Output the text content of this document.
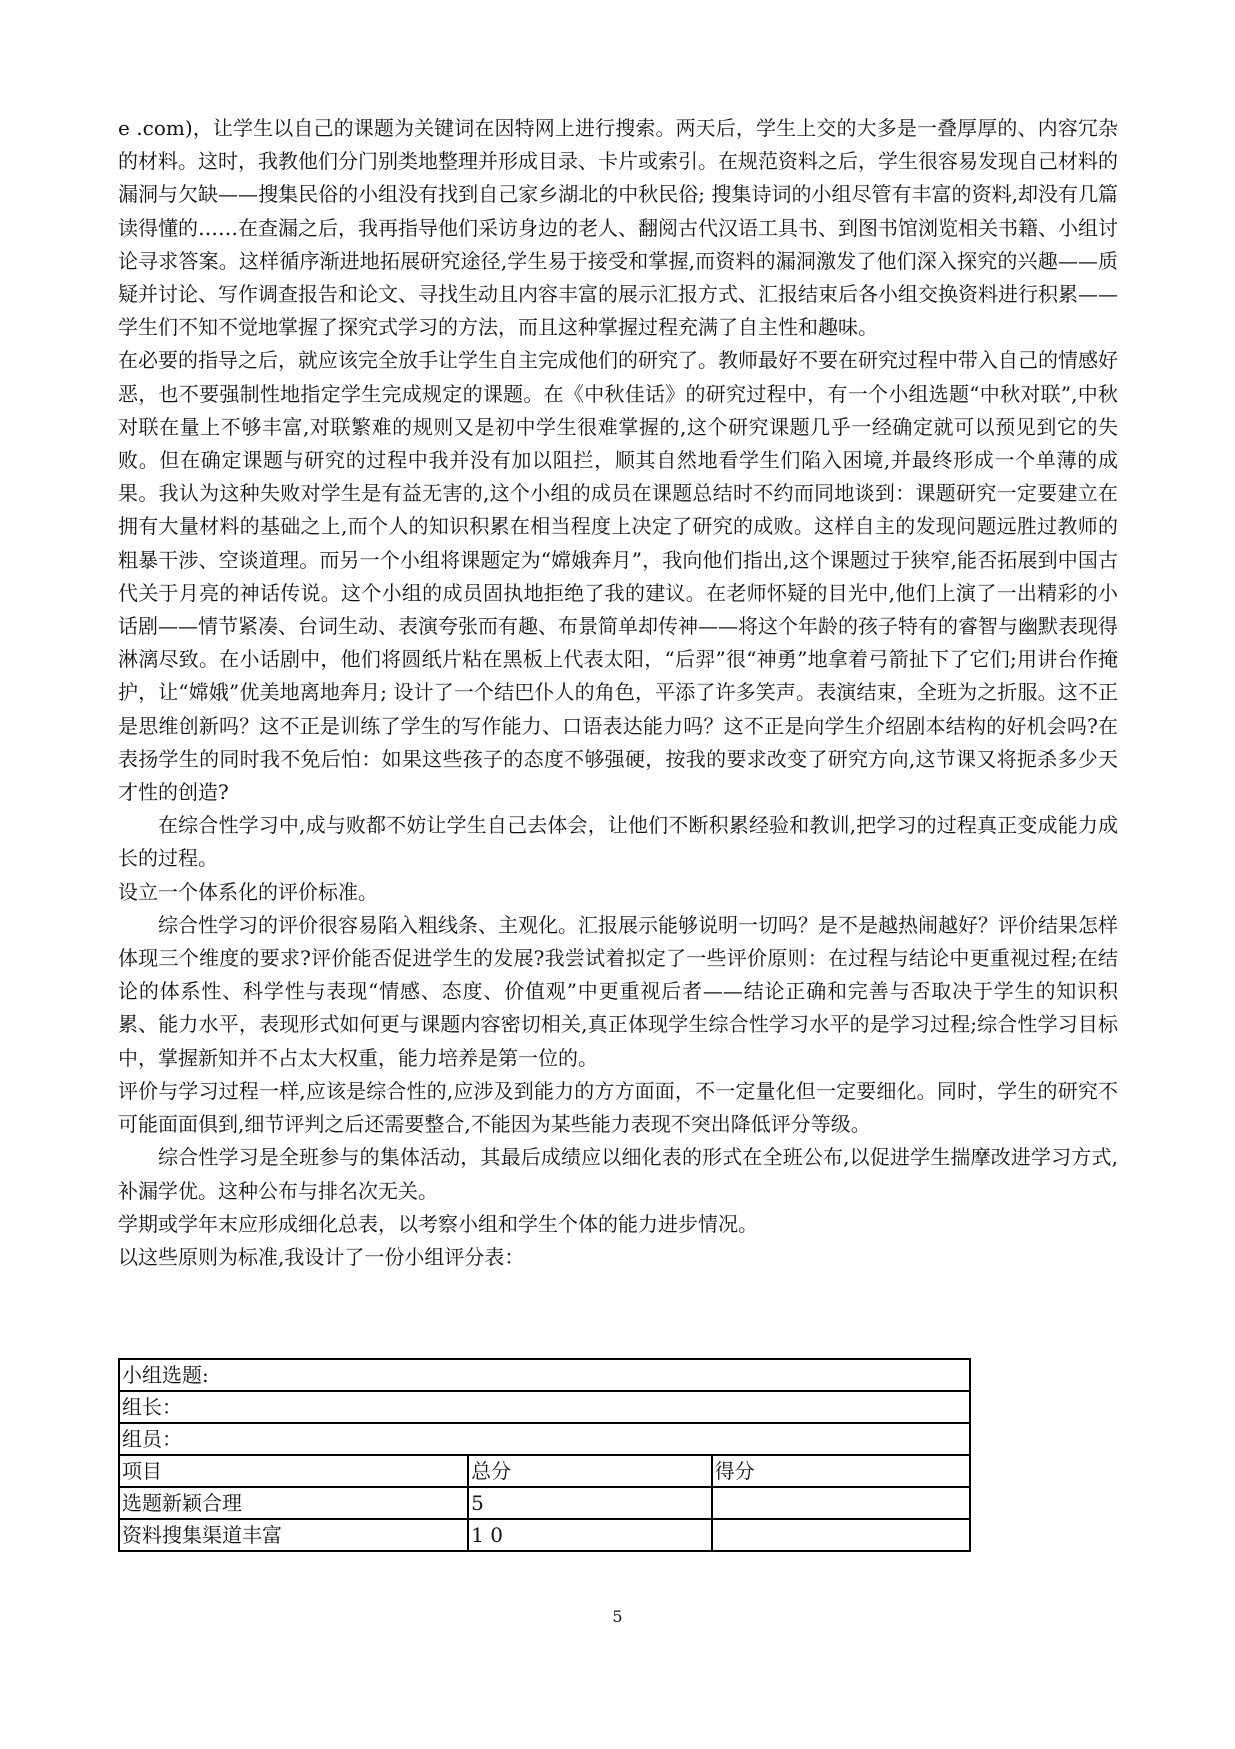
e .com)，让学生以自己的课题为关键词在因特网上进行搜索。两天后，学生上交的大多是一叠厚厚的、内容冗杂的材料。这时，我教他们分门别类地整理并形成目录、卡片或索引。在规范资料之后，学生很容易发现自己材料的漏洞与欠缺——搜集民俗的小组没有找到自己家乡湖北的中秋民俗; 搜集诗词的小组尽管有丰富的资料,却没有几篇读得懂的……在查漏之后，我再指导他们采访身边的老人、翻阅古代汉语工具书、到图书馆浏览相关书籍、小组讨论寻求答案。这样循序渐进地拓展研究途径,学生易于接受和掌握,而资料的漏洞激发了他们深入探究的兴趣——质疑并讨论、写作调查报告和论文、寻找生动且内容丰富的展示汇报方式、汇报结束后各小组交换资料进行积累——学生们不知不觉地掌握了探究式学习的方法，而且这种掌握过程充满了自主性和趣味。

在必要的指导之后，就应该完全放手让学生自主完成他们的研究了。教师最好不要在研究过程中带入自己的情感好恶，也不要强制性地指定学生完成规定的课题。在《中秋佳话》的研究过程中，有一个小组选题“中秋对联”,中秋对联在量上不够丰富,对联繁难的规则又是初中学生很难掌握的,这个研究课题几乎一经确定就可以预见到它的失败。但在确定课题与研究的过程中我并没有加以阻拦，顺其自然地看学生们陷入困境,并最终形成一个单薄的成果。我认为这种失败对学生是有益无害的,这个小组的成员在课题总结时不约而同地谈到：课题研究一定要建立在拥有大量材料的基础之上,而个人的知识积累在相当程度上决定了研究的成败。这样自主的发现问题远胜过教师的粗暴干涉、空谈道理。而另一个小组将课题定为“嫦娥奔月”，我向他们指出,这个课题过于狭窄,能否拓展到中国古代关于月亮的神话传说。这个小组的成员固执地拒绝了我的建议。在老师怀疑的目光中,他们上演了一出精彩的小话剧——情节紧凑、台词生动、表演夸张而有趣、布景简单却传神——将这个年龄的孩子特有的睿智与幽默表现得淋漓尽致。在小话剧中，他们将圆纸片粘在黑板上代表太阳，“后羿”很“神勇”地拿着弓箭扯下了它们;用讲台作掩护，让“嫦娥”优美地离地奔月; 设计了一个结巴仆人的角色，平添了许多笑声。表演结束，全班为之折服。这不正是思维创新吗？这不正是训练了学生的写作能力、口语表达能力吗？这不正是向学生介绍剧本结构的好机会吗?在表扬学生的同时我不免后怕：如果这些孩子的态度不够强硬，按我的要求改变了研究方向,这节课又将扼杀多少天才性的创造?

在综合性学习中,成与败都不妨让学生自己去体会，让他们不断积累经验和教训,把学习的过程真正变成能力成长的过程。

设立一个体系化的评价标准。

综合性学习的评价很容易陷入粗线条、主观化。汇报展示能够说明一切吗？是不是越热闹越好？评价结果怎样体现三个维度的要求?评价能否促进学生的发展?我尝试着拟定了一些评价原则：在过程与结论中更重视过程;在结论的体系性、科学性与表现“情感、态度、价值观”中更重视后者——结论正确和完善与否取决于学生的知识积累、能力水平，表现形式如何更与课题内容密切相关,真正体现学生综合性学习水平的是学习过程;综合性学习目标中，掌握新知并不占太大权重，能力培养是第一位的。

评价与学习过程一样,应该是综合性的,应涉及到能力的方方面面，不一定量化但一定要细化。同时，学生的研究不可能面面俱到,细节评判之后还需要整合,不能因为某些能力表现不突出降低评分等级。

综合性学习是全班参与的集体活动，其最后成绩应以细化表的形式在全班公布,以促进学生揣摩改进学习方式,补漏学优。这种公布与排名次无关。

学期或学年末应形成细化总表，以考察小组和学生个体的能力进步情况。

以这些原则为标准,我设计了一份小组评分表：

小组选题:		
组长：		
组员：		
项目	总分	得分
选题新颖合理	5	
资料搜集渠道丰富	1 0	
5
